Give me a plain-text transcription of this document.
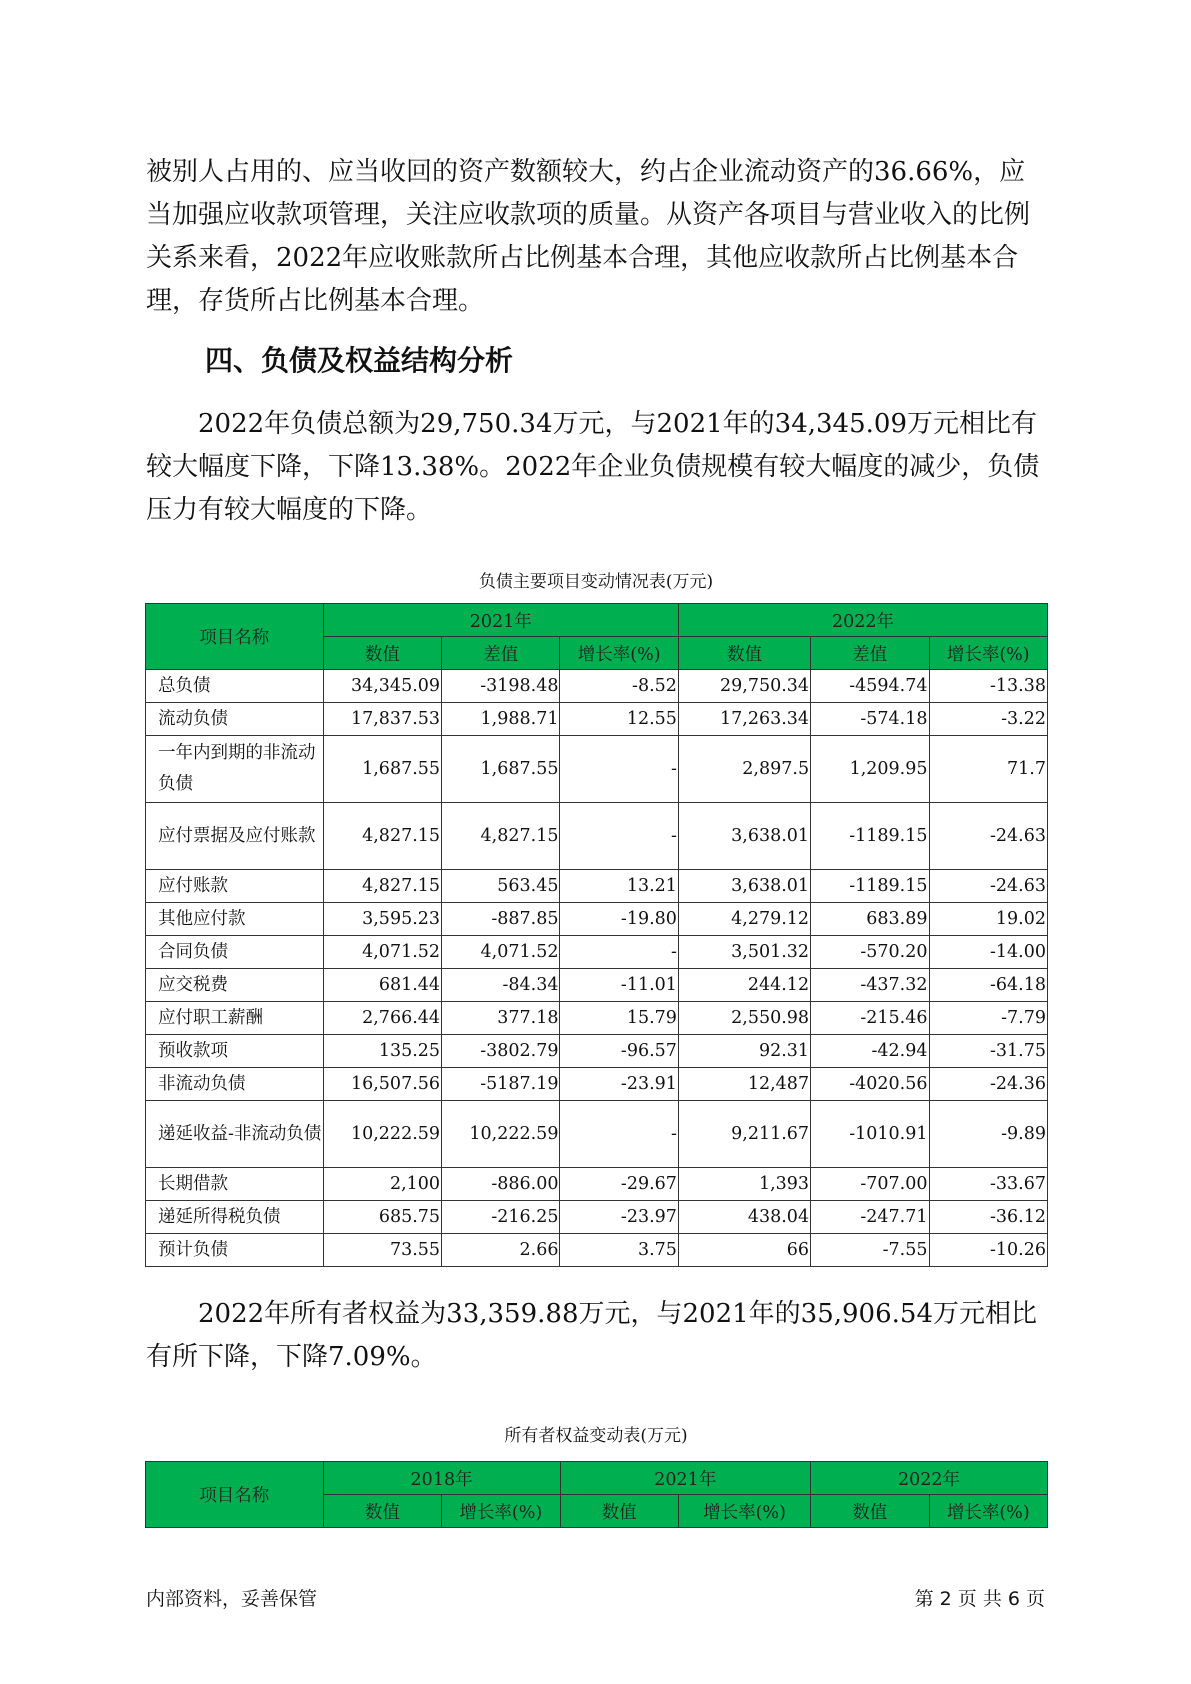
被别人占用的、应当收回的资产数额较大，约占企业流动资产的36.66%，应当加强应收款项管理，关注应收款项的质量。从资产各项目与营业收入的比例关系来看，2022年应收账款所占比例基本合理，其他应收款所占比例基本合理，存货所占比例基本合理。

四、负债及权益结构分析

2022年负债总额为29,750.34万元，与2021年的34,345.09万元相比有较大幅度下降，下降13.38%。2022年企业负债规模有较大幅度的减少，负债压力有较大幅度的下降。

负债主要项目变动情况表(万元)
项目名称	2021年			2022年		
	数值	差值	增长率(%)	数值	差值	增长率(%)
总负债	34,345.09	-3198.48	-8.52	29,750.34	-4594.74	-13.38
流动负债	17,837.53	1,988.71	12.55	17,263.34	-574.18	-3.22
一年内到期的非流动负债	1,687.55	1,687.55	-	2,897.5	1,209.95	71.7
应付票据及应付账款	4,827.15	4,827.15	-	3,638.01	-1189.15	-24.63
应付账款	4,827.15	563.45	13.21	3,638.01	-1189.15	-24.63
其他应付款	3,595.23	-887.85	-19.80	4,279.12	683.89	19.02
合同负债	4,071.52	4,071.52	-	3,501.32	-570.20	-14.00
应交税费	681.44	-84.34	-11.01	244.12	-437.32	-64.18
应付职工薪酬	2,766.44	377.18	15.79	2,550.98	-215.46	-7.79
预收款项	135.25	-3802.79	-96.57	92.31	-42.94	-31.75
非流动负债	16,507.56	-5187.19	-23.91	12,487	-4020.56	-24.36
递延收益-非流动负债	10,222.59	10,222.59	-	9,211.67	-1010.91	-9.89
长期借款	2,100	-886.00	-29.67	1,393	-707.00	-33.67
递延所得税负债	685.75	-216.25	-23.97	438.04	-247.71	-36.12
预计负债	73.55	2.66	3.75	66	-7.55	-10.26

2022年所有者权益为33,359.88万元，与2021年的35,906.54万元相比有所下降，下降7.09%。

所有者权益变动表(万元)
项目名称	2018年		2021年		2022年	
	数值	增长率(%)	数值	增长率(%)	数值	增长率(%)
内部资料，妥善保管	第 2 页 共 6 页
